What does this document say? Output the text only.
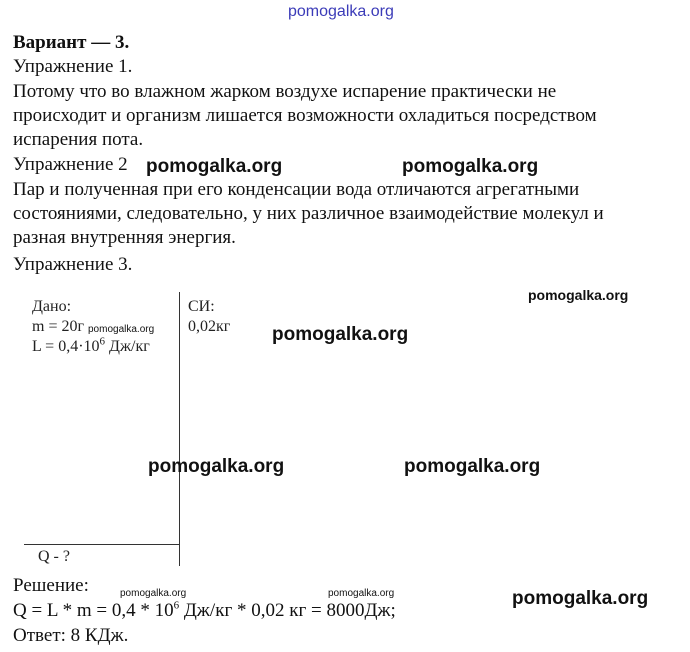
pomogalka.org
Вариант — 3.
Упражнение 1.
Потому что во влажном жарком воздухе испарение практически не
происходит и организм лишается возможности охладиться посредством
испарения пота.
Упражнение 2 pomogalka.org	pomogalka.org
Пар и полученная при его конденсации вода отличаются агрегатными
состояниями, следовательно, у них различное взаимодействие молекул и
разная внутренняя энергия.
Упражнение 3.
Дано:
m = 20г pomogalka.org
$L = 0,4\cdot 10^6$ Дж/кг
Q - ?
СИ:
0,02кг
pomogalka.org
pomogalka.org
pomogalka.org	pomogalka.org
Решение:	pomogalka.org	pomogalka.org
$Q = L * m = 0,4 * 10^6$ Дж/кг * 0,02 кг = 8000Дж;
pomogalka.org
Ответ: 8 КДж.
